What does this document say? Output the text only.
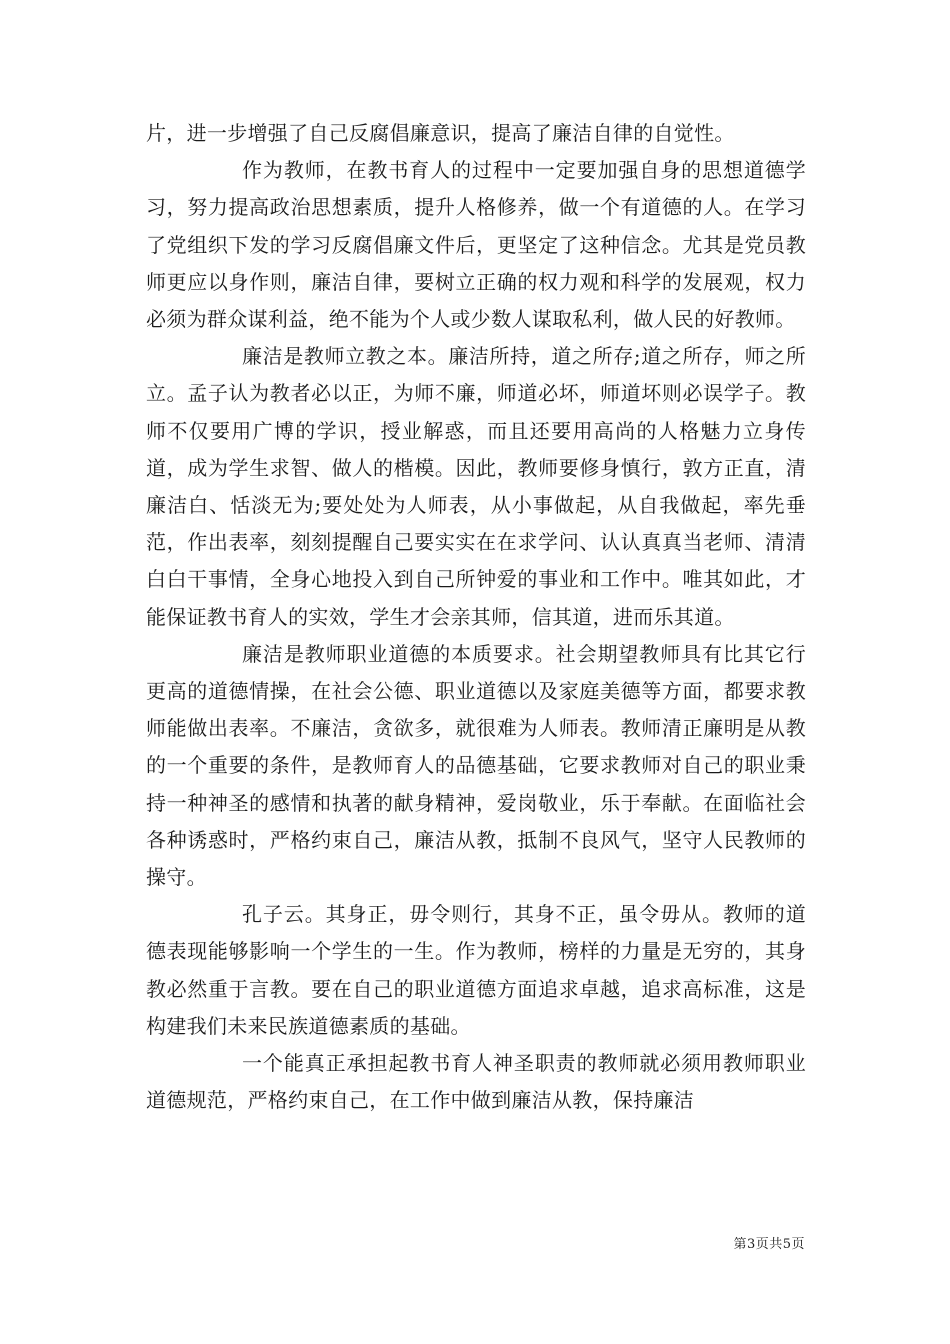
片，进一步增强了自己反腐倡廉意识，提高了廉洁自律的自觉性。

作为教师，在教书育人的过程中一定要加强自身的思想道德学习，努力提高政治思想素质，提升人格修养，做一个有道德的人。在学习了党组织下发的学习反腐倡廉文件后，更坚定了这种信念。尤其是党员教师更应以身作则，廉洁自律，要树立正确的权力观和科学的发展观，权力必须为群众谋利益，绝不能为个人或少数人谋取私利，做人民的好教师。

廉洁是教师立教之本。廉洁所持，道之所存;道之所存，师之所立。孟子认为教者必以正，为师不廉，师道必坏，师道坏则必误学子。教师不仅要用广博的学识，授业解惑，而且还要用高尚的人格魅力立身传道，成为学生求智、做人的楷模。因此，教师要修身慎行，敦方正直，清廉洁白、恬淡无为;要处处为人师表，从小事做起，从自我做起，率先垂范，作出表率，刻刻提醒自己要实实在在求学问、认认真真当老师、清清白白干事情，全身心地投入到自己所钟爱的事业和工作中。唯其如此，才能保证教书育人的实效，学生才会亲其师，信其道，进而乐其道。

廉洁是教师职业道德的本质要求。社会期望教师具有比其它行更高的道德情操，在社会公德、职业道德以及家庭美德等方面，都要求教师能做出表率。不廉洁，贪欲多，就很难为人师表。教师清正廉明是从教的一个重要的条件，是教师育人的品德基础，它要求教师对自己的职业秉持一种神圣的感情和执著的献身精神，爱岗敬业，乐于奉献。在面临社会各种诱惑时，严格约束自己，廉洁从教，抵制不良风气，坚守人民教师的操守。

孔子云。其身正，毋令则行，其身不正，虽令毋从。教师的道德表现能够影响一个学生的一生。作为教师，榜样的力量是无穷的，其身教必然重于言教。要在自己的职业道德方面追求卓越，追求高标准，这是构建我们未来民族道德素质的基础。

一个能真正承担起教书育人神圣职责的教师就必须用教师职业道德规范，严格约束自己，在工作中做到廉洁从教，保持廉洁

第3页共5页
